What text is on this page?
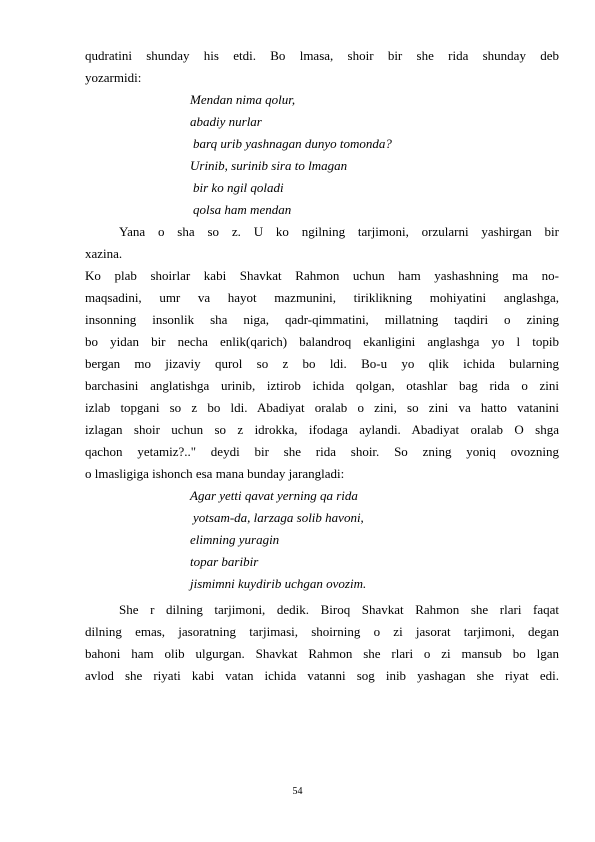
qudratini shunday his etdi. Bo lmasa, shoir bir she rida shunday deb
yozarmidi:
Mendan nima qolur,
abadiy nurlar
barq urib yashnagan dunyo tomonda?
Urinib, surinib sira to lmagan
bir ko ngil qoladi
qolsa ham mendan
Yana o sha so z. U ko ngilning tarjimoni, orzularni yashirgan bir
xazina.
Ko plab shoirlar kabi Shavkat Rahmon uchun ham yashashning ma no-
maqsadini, umr va hayot mazmunini, tiriklikning mohiyatini anglashga,
insonning insonlik sha niga, qadr-qimmatini, millatning taqdiri o zining
bo yidan bir necha enlik(qarich) balandroq ekanligini anglashga yo l topib
bergan mo jizaviy qurol so z bo ldi. Bo-u yo qlik ichida bularning
barchasini anglatishga urinib, iztirob ichida qolgan, otashlar bag rida o zini
izlab topgani so z bo ldi. Abadiyat oralab o zini, so zini va hatto vatanini
izlagan shoir uchun so z idrokka, ifodaga aylandi. Abadiyat oralab O shga
qachon yetamiz?.." deydi bir she rida shoir. So zning yoniq ovozning
o lmasligiga ishonch esa mana bunday jarangladi:
Agar yetti qavat yerning qa rida
yotsam-da, larzaga solib havoni,
elimning yuragin
topar baribir
jismimni kuydirib uchgan ovozim.
She r dilning tarjimoni, dedik. Biroq Shavkat Rahmon she rlari faqat
dilning emas, jasoratning tarjimasi, shoirning o zi jasorat tarjimoni, degan
bahoni ham olib ulgurgan. Shavkat Rahmon she rlari o zi mansub bo lgan
avlod she riyati kabi vatan ichida vatanni sog inib yashagan she riyat edi.
54
